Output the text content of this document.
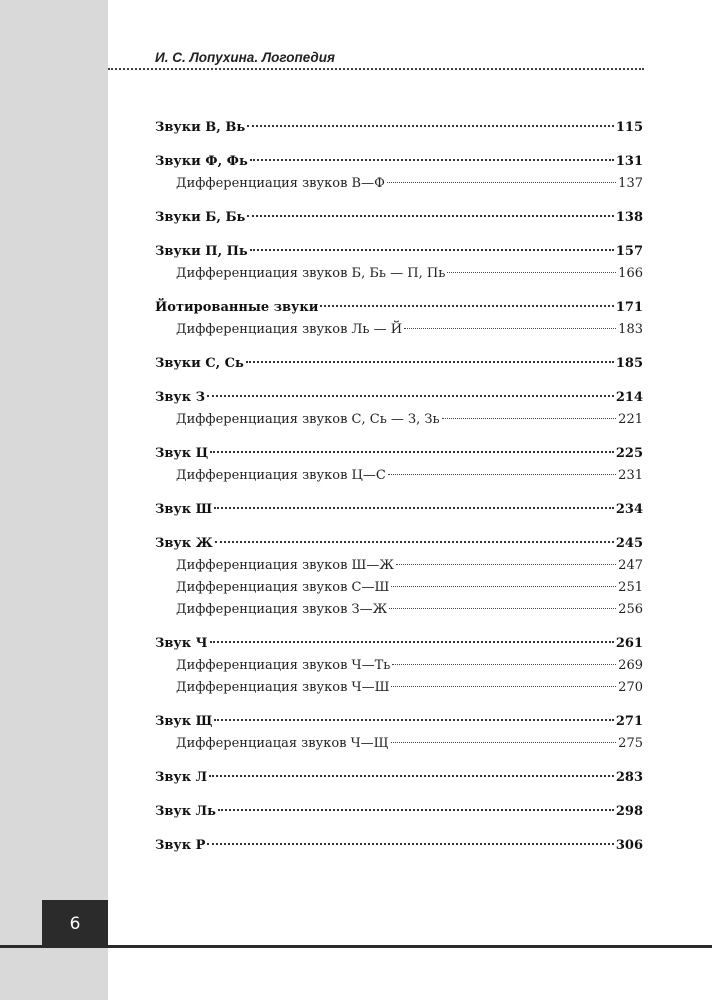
И. С. Лопухина. Логопедия
Звуки В, Вь	115
Звуки Ф, Фь	131
Дифференциация звуков В—Ф	137
Звуки Б, Бь	138
Звуки П, Пь	157
Дифференциация звуков Б, Бь — П, Пь	166
Йотированные звуки	171
Дифференциация звуков Ль — Й	183
Звуки С, Сь	185
Звук З	214
Дифференциация звуков С, Сь — З, Зь	221
Звук Ц	225
Дифференциация звуков Ц—С	231
Звук Ш	234
Звук Ж	245
Дифференциация звуков Ш—Ж	247
Дифференциация звуков С—Ш	251
Дифференциация звуков З—Ж	256
Звук Ч	261
Дифференциация звуков Ч—Ть	269
Дифференциация звуков Ч—Ш	270
Звук Щ	271
Дифференциацая звуков Ч—Щ	275
Звук Л	283
Звук Ль	298
Звук Р	306
6
